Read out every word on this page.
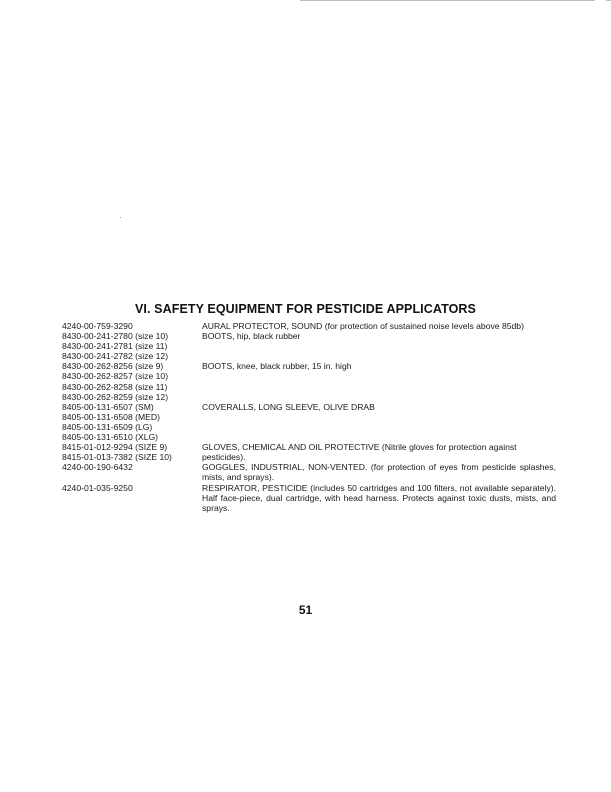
VI. SAFETY EQUIPMENT FOR PESTICIDE APPLICATORS
4240-00-759-3290	AURAL PROTECTOR, SOUND (for protection of sustained noise levels above 85db)
8430-00-241-2780 (size 10)	BOOTS, hip, black rubber
8430-00-241-2781 (size 11)
8430-00-241-2782 (size 12)
8430-00-262-8256 (size 9)	BOOTS, knee, black rubber, 15 in. high
8430-00-262-8257 (size 10)
8430-00-262-8258 (size 11)
8430-00-262-8259 (size 12)
8405-00-131-6507 (SM)	COVERALLS, LONG SLEEVE, OLIVE DRAB
8405-00-131-6508 (MED)
8405-00-131-6509 (LG)
8405-00-131-6510 (XLG)
8415-01-012-9294 (SIZE 9)	GLOVES, CHEMICAL AND OIL PROTECTIVE (Nitrile gloves for protection against
8415-01-013-7382 (SIZE 10)	pesticides).
4240-00-190-6432	GOGGLES, INDUSTRIAL, NON-VENTED. (for protection of eyes from pesticide splashes, mists, and sprays).
4240-01-035-9250	RESPIRATOR, PESTICIDE (includes 50 cartridges and 100 filters, not available separately). Half face-piece, dual cartridge, with head harness. Protects against toxic dusts, mists, and sprays.
51
